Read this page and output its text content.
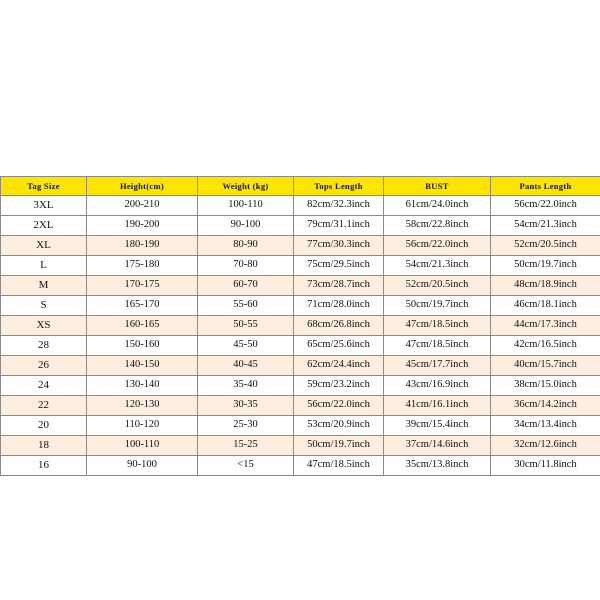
Tag Size	Height(cm)	Weight (kg)	Tops Length	BUST	Pants Length
3XL	200-210	100-110	82cm/32.3inch	61cm/24.0inch	56cm/22.0inch
2XL	190-200	90-100	79cm/31.1inch	58cm/22.8inch	54cm/21.3inch
XL	180-190	80-90	77cm/30.3inch	56cm/22.0inch	52cm/20.5inch
L	175-180	70-80	75cm/29.5inch	54cm/21.3inch	50cm/19.7inch
M	170-175	60-70	73cm/28.7inch	52cm/20.5inch	48cm/18.9inch
S	165-170	55-60	71cm/28.0inch	50cm/19.7inch	46cm/18.1inch
XS	160-165	50-55	68cm/26.8inch	47cm/18.5inch	44cm/17.3inch
28	150-160	45-50	65cm/25.6inch	47cm/18.5inch	42cm/16.5inch
26	140-150	40-45	62cm/24.4inch	45cm/17.7inch	40cm/15.7inch
24	130-140	35-40	59cm/23.2inch	43cm/16.9inch	38cm/15.0inch
22	120-130	30-35	56cm/22.0inch	41cm/16.1inch	36cm/14.2inch
20	110-120	25-30	53cm/20.9inch	39cm/15.4inch	34cm/13.4inch
18	100-110	15-25	50cm/19.7inch	37cm/14.6inch	32cm/12.6inch
16	90-100	<15	47cm/18.5inch	35cm/13.8inch	30cm/11.8inch
